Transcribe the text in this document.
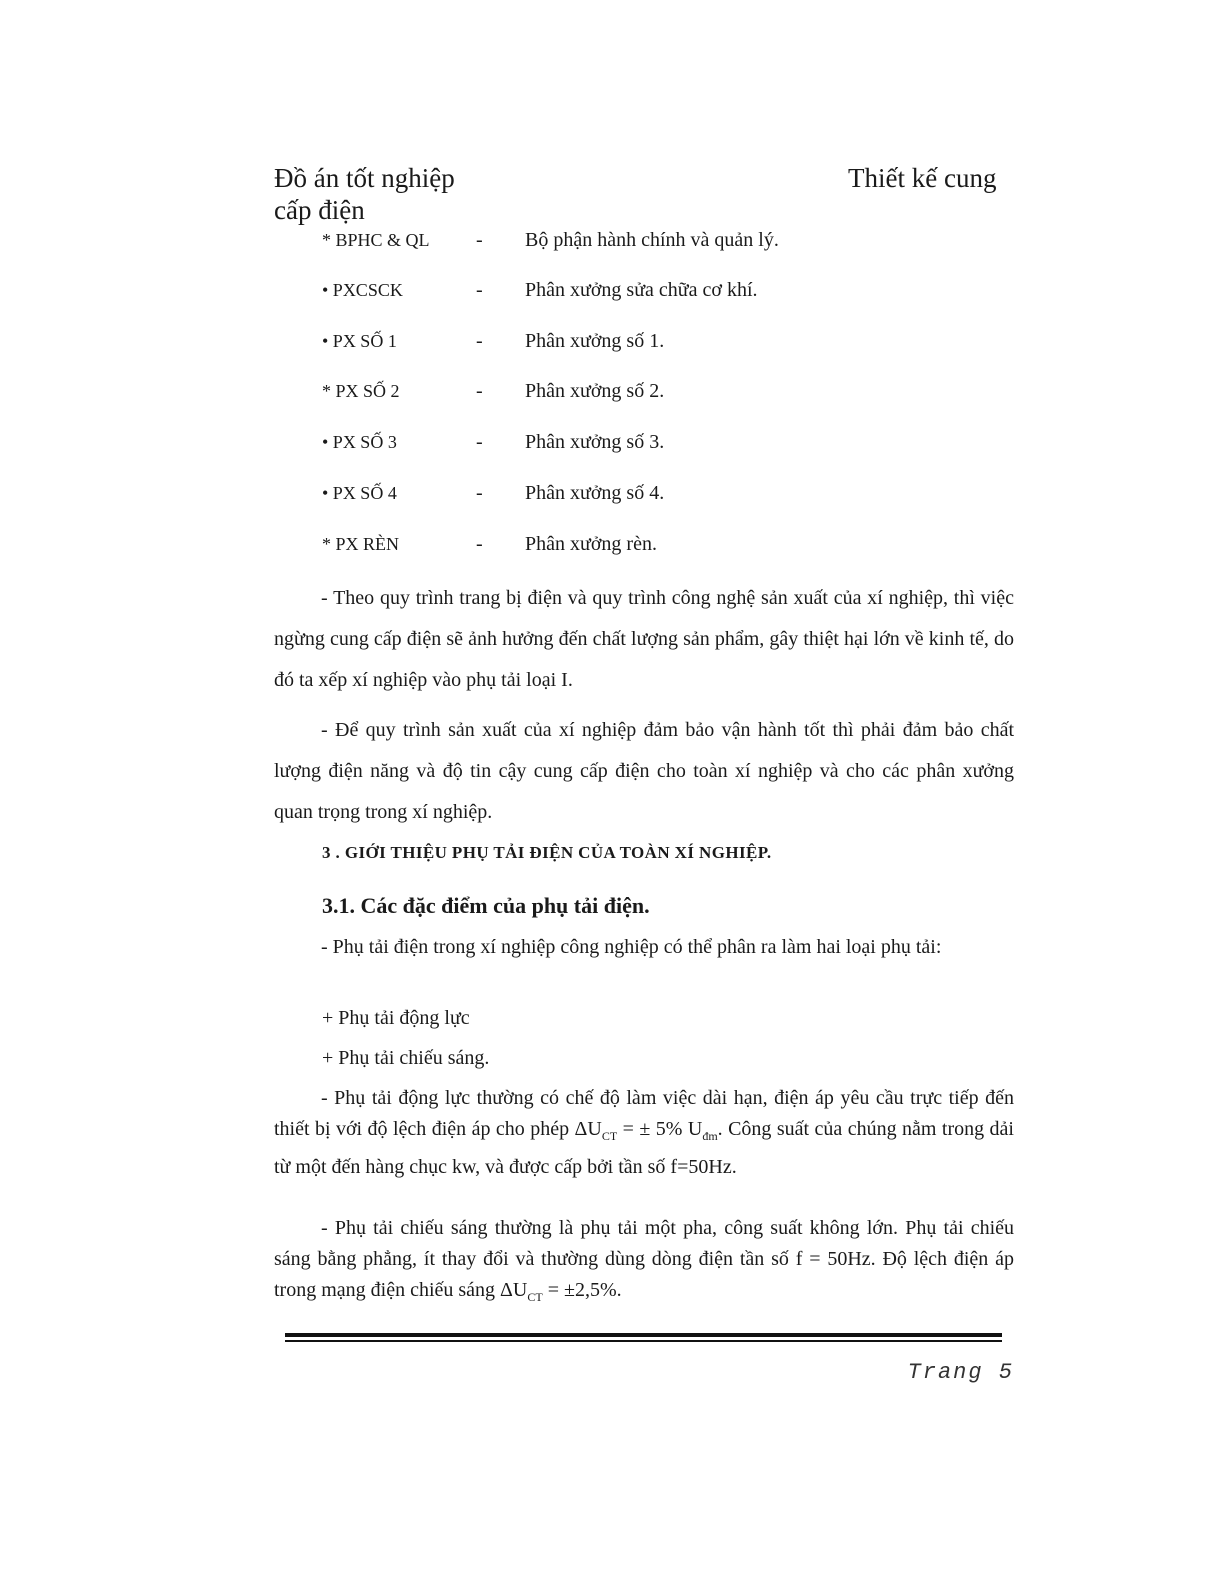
Đồ án tốt nghiệp	Thiết kế cung
cấp điện
* BPHC & QL	-	Bộ phận hành chính và quản lý.
• PXCSCK	-	Phân xưởng sửa chữa cơ khí.
• PX SỐ 1	-	Phân xưởng số 1.
* PX SỐ 2	-	Phân xưởng số 2.
• PX SỐ 3	-	Phân xưởng số 3.
• PX SỐ 4	-	Phân xưởng số 4.
* PX RÈN	-	Phân xưởng rèn.

- Theo quy trình trang bị điện và quy trình công nghệ sản xuất của xí nghiệp, thì việc ngừng cung cấp điện sẽ ảnh hưởng đến chất lượng sản phẩm, gây thiệt hại lớn về kinh tế, do đó ta xếp xí nghiệp vào phụ tải loại I.

- Để quy trình sản xuất của xí nghiệp đảm bảo vận hành tốt thì phải đảm bảo chất lượng điện năng và độ tin cậy cung cấp điện cho toàn xí nghiệp và cho các phân xưởng quan trọng trong xí nghiệp.

3 . GIỚI THIỆU PHỤ TẢI ĐIỆN CỦA TOÀN XÍ NGHIỆP.
3.1. Các đặc điểm của phụ tải điện.

- Phụ tải điện trong xí nghiệp công nghiệp có thể phân ra làm hai loại phụ tải:

+ Phụ tải động lực
+ Phụ tải chiếu sáng.

- Phụ tải động lực thường có chế độ làm việc dài hạn, điện áp yêu cầu trực tiếp đến thiết bị với độ lệch điện áp cho phép $\Delta U_{CT}$ = ± 5% $U_{đm}$. Công suất của chúng nằm trong dải từ một đến hàng chục kw, và được cấp bởi tần số f=50Hz.

- Phụ tải chiếu sáng thường là phụ tải một pha, công suất không lớn. Phụ tải chiếu sáng bằng phẳng, ít thay đổi và thường dùng dòng điện tần số f = 50Hz. Độ lệch điện áp trong mạng điện chiếu sáng $\Delta U_{CT} = \pm 2,5\%$.

Trang 5
